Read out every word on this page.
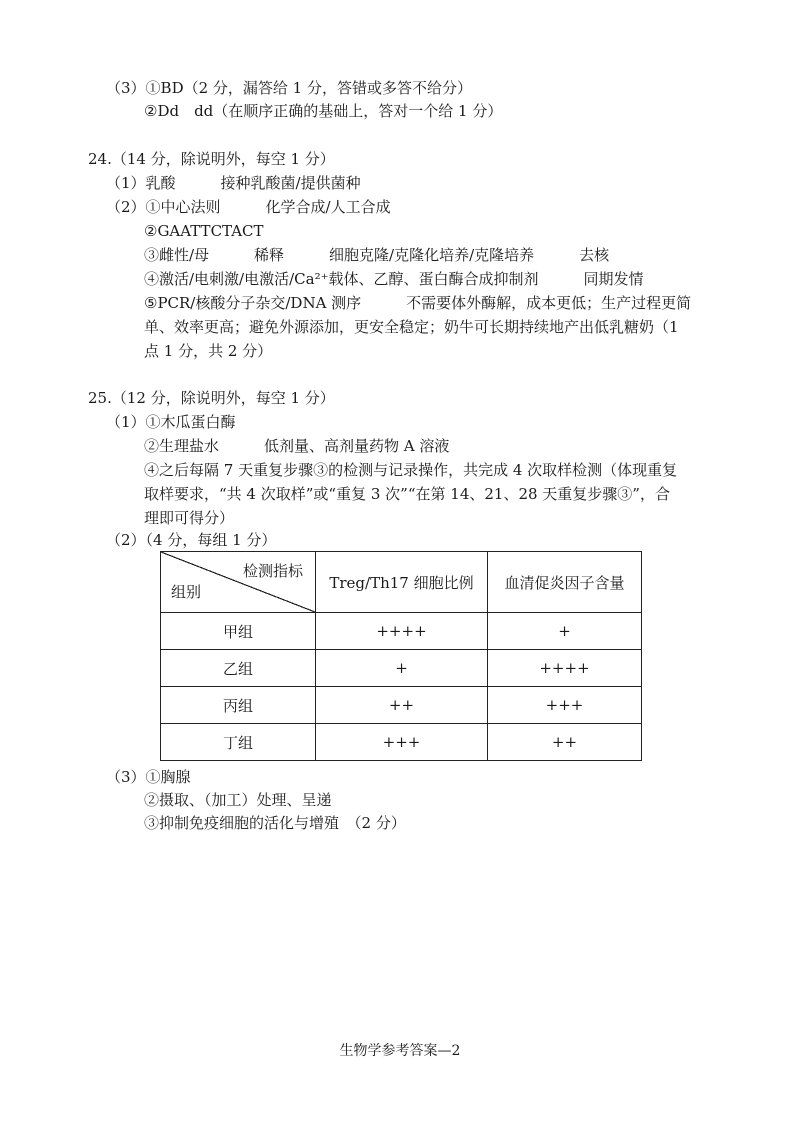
（3）①BD（2 分，漏答给 1 分，答错或多答不给分）
②Dd　dd（在顺序正确的基础上，答对一个给 1 分）
24.（14 分，除说明外，每空 1 分）
（1）乳酸　　　接种乳酸菌/提供菌种
（2）①中心法则　　　化学合成/人工合成
②GAATTCTACT
③雌性/母　　　稀释　　　细胞克隆/克隆化培养/克隆培养　　　去核
④激活/电刺激/电激活/Ca²⁺载体、乙醇、蛋白酶合成抑制剂　　　同期发情
⑤PCR/核酸分子杂交/DNA 测序　　　不需要体外酶解，成本更低；生产过程更简
单、效率更高；避免外源添加，更安全稳定；奶牛可长期持续地产出低乳糖奶（1
点 1 分，共 2 分）
25.（12 分，除说明外，每空 1 分）
（1）①木瓜蛋白酶
②生理盐水　　　低剂量、高剂量药物 A 溶液
④之后每隔 7 天重复步骤③的检测与记录操作，共完成 4 次取样检测（体现重复
取样要求，“共 4 次取样”或“重复 3 次”“在第 14、21、28 天重复步骤③”，合
理即可得分）
（2）（4 分，每组 1 分）
检测指标
组别	Treg/Th17 细胞比例	血清促炎因子含量
甲组	++++	+
乙组	+	++++
丙组	++	+++
丁组	+++	++
（3）①胸腺
②摄取、（加工）处理、呈递
③抑制免疫细胞的活化与增殖　（2 分）
生物学参考答案—2
